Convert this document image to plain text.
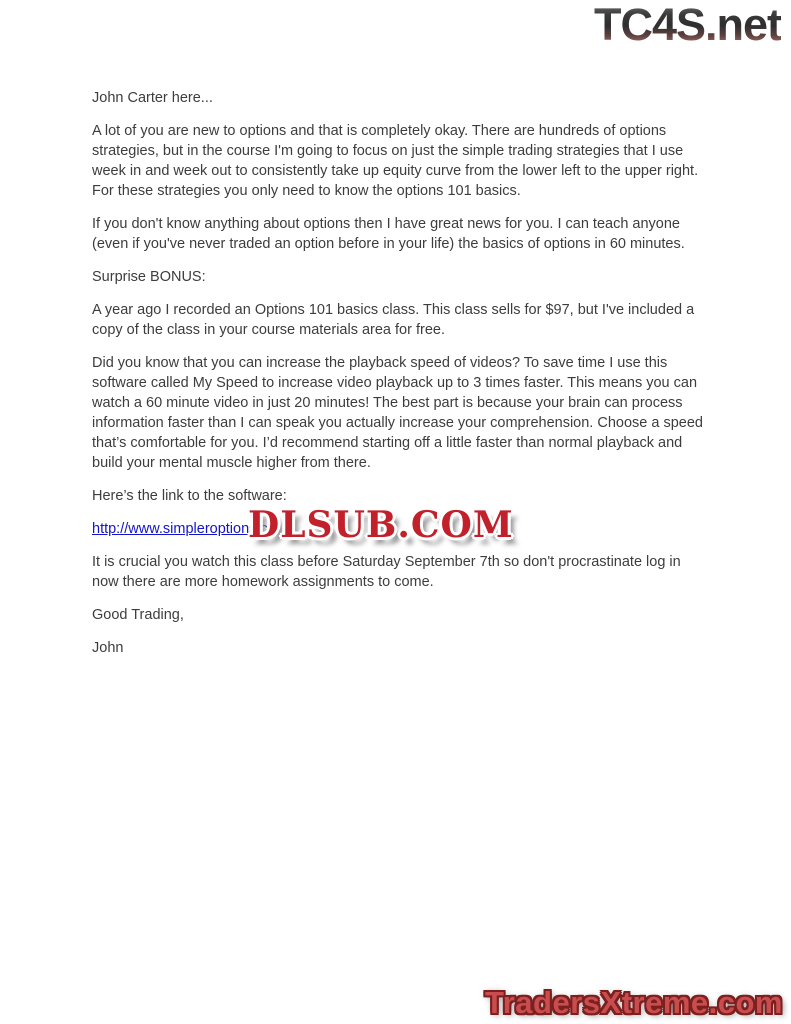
TC4S.net

John Carter here...

A lot of you are new to options and that is completely okay. There are hundreds of options strategies, but in the course I'm going to focus on just the simple trading strategies that I use week in and week out to consistently take up equity curve from the lower left to the upper right. For these strategies you only need to know the options 101 basics.

If you don't know anything about options then I have great news for you. I can teach anyone (even if you've never traded an option before in your life) the basics of options in 60 minutes.

Surprise BONUS:

A year ago I recorded an Options 101 basics class. This class sells for $97, but I've included a copy of the class in your course materials area for free.

Did you know that you can increase the playback speed of videos? To save time I use this software called My Speed to increase video playback up to 3 times faster. This means you can watch a 60 minute video in just 20 minutes! The best part is because your brain can process information faster than I can speak you actually increase your comprehension. Choose a speed that’s comfortable for you. I’d recommend starting off a little faster than normal playback and build your mental muscle higher from there.

Here’s the link to the software:

http://www.simpleroptions.c
DLSUB.COM

It is crucial you watch this class before Saturday September 7th so don't procrastinate log in now there are more homework assignments to come.

Good Trading,

John

TradersXtreme.com
